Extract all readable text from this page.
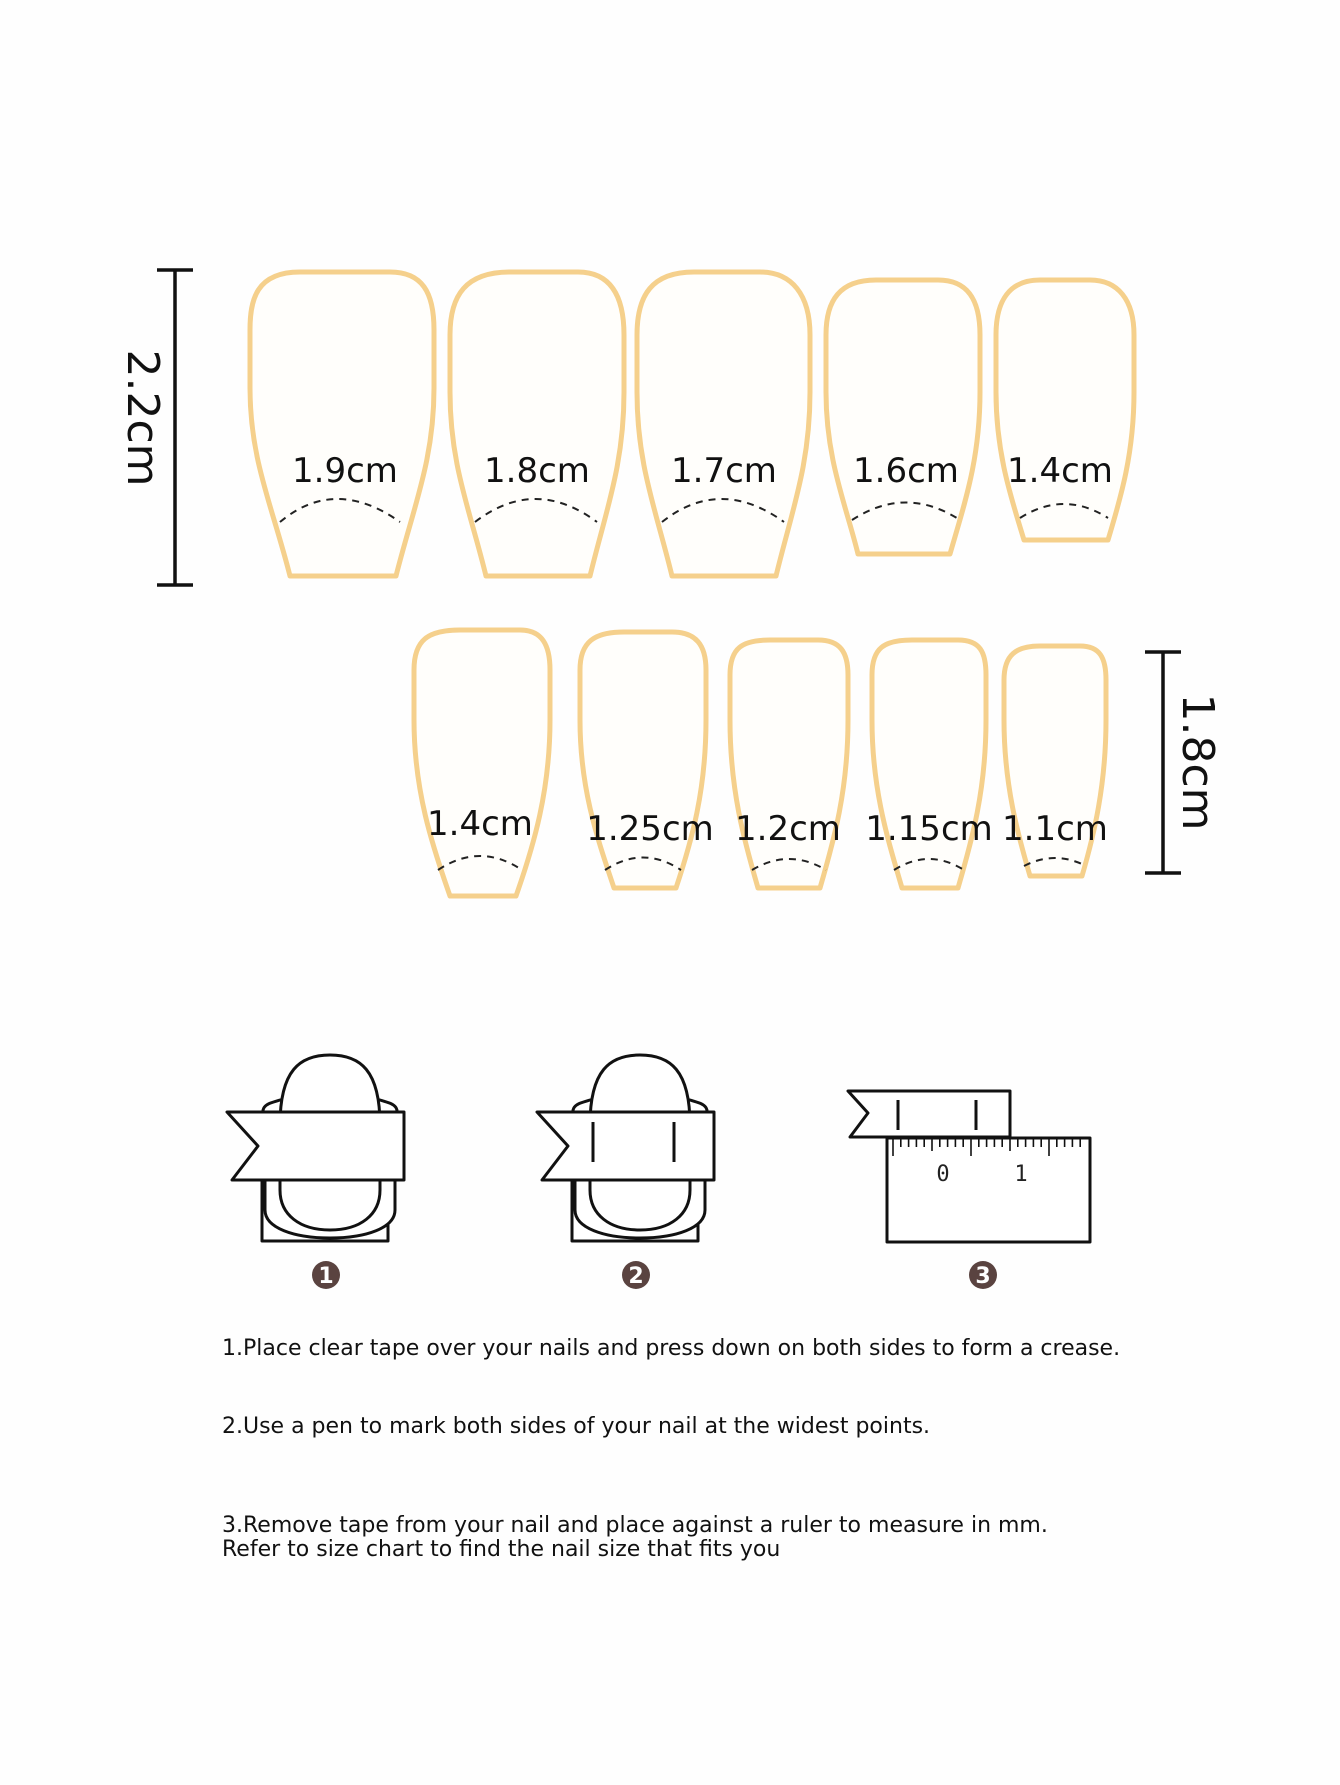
1.9cm	1.8cm 1.7cm 1.6cm 1.4cm
2.2cm
1.4cm 1.25cm 1.2cm 1.15cm 1.1cm 1.8cm
0	1
1	2	3

1.Place clear tape over your nails and press down on both sides to form a crease.

2.Use a pen to mark both sides of your nail at the widest points.

3.Remove tape from your nail and place against a ruler to measure in mm.

Refer to size chart to find the nail size that fits you
